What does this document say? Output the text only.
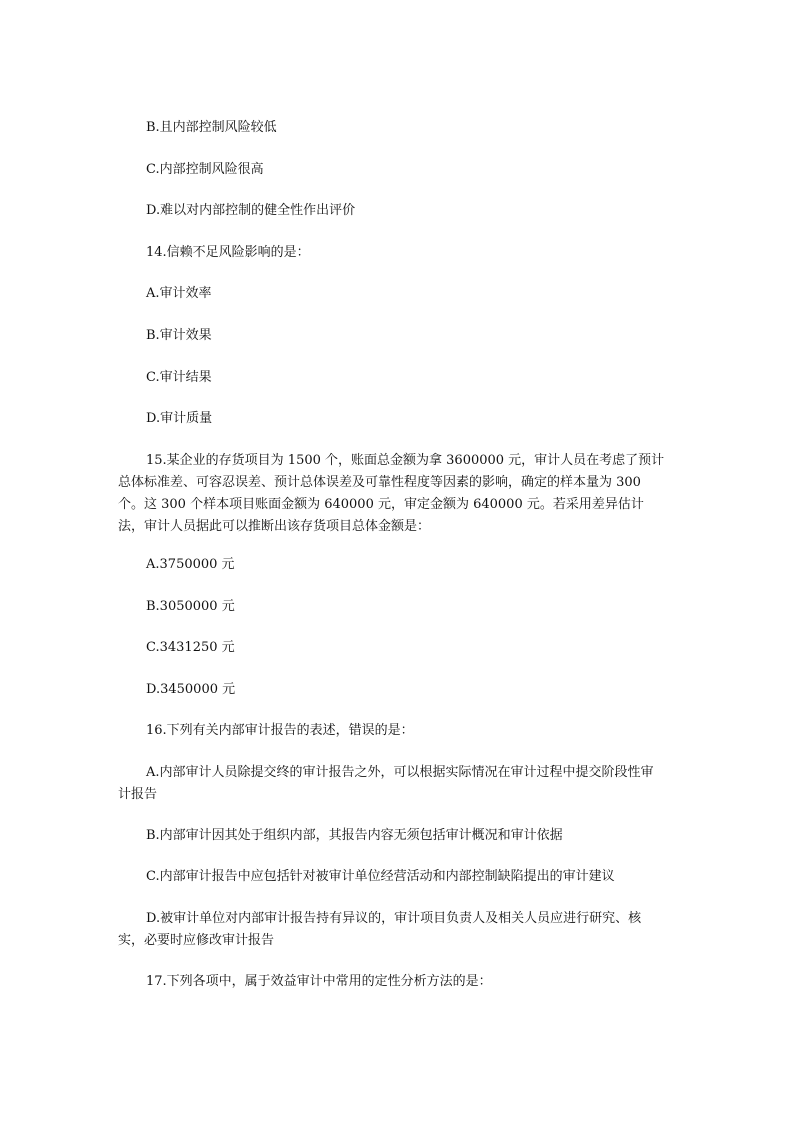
B.且内部控制风险较低
C.内部控制风险很高
D.难以对内部控制的健全性作出评价
14.信赖不足风险影响的是：
A.审计效率
B.审计效果
C.审计结果
D.审计质量
15.某企业的存货项目为 1500 个，账面总金额为拿 3600000 元，审计人员在考虑了预计总体标准差、可容忍误差、预计总体误差及可靠性程度等因素的影响，确定的样本量为 300 个。这 300 个样本项目账面金额为 640000 元，审定金额为 640000 元。若采用差异估计法，审计人员据此可以推断出该存货项目总体金额是：
A.3750000 元
B.3050000 元
C.3431250 元
D.3450000 元
16.下列有关内部审计报告的表述，错误的是：
A.内部审计人员除提交终的审计报告之外，可以根据实际情况在审计过程中提交阶段性审计报告
B.内部审计因其处于组织内部，其报告内容无须包括审计概况和审计依据
C.内部审计报告中应包括针对被审计单位经营活动和内部控制缺陷提出的审计建议
D.被审计单位对内部审计报告持有异议的，审计项目负责人及相关人员应进行研究、核实，必要时应修改审计报告
17.下列各项中，属于效益审计中常用的定性分析方法的是：
